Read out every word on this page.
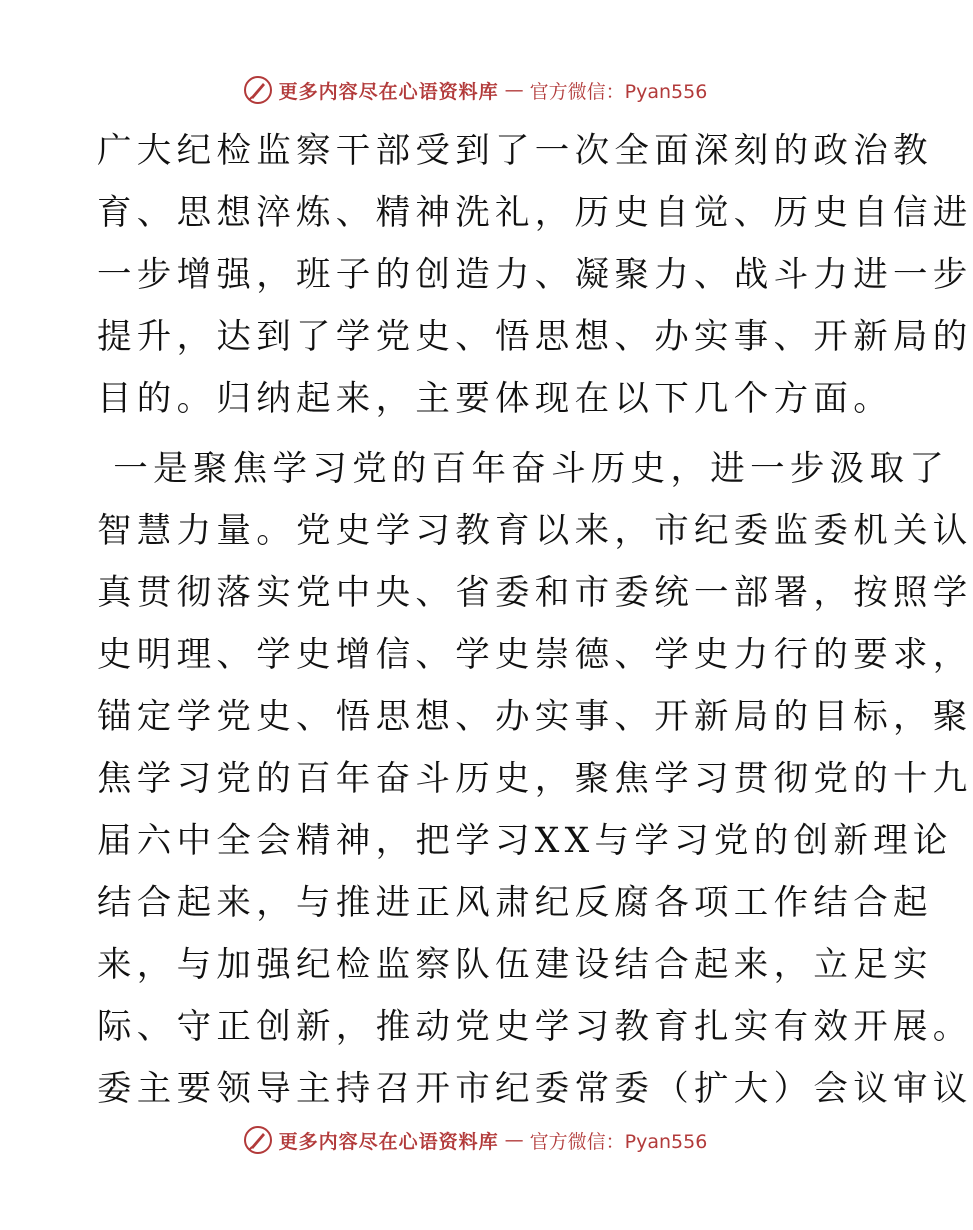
更多内容尽在心语资料库 — 官方微信：Pyan556
广大纪检监察干部受到了一次全面深刻的政治教
育、思想淬炼、精神洗礼，历史自觉、历史自信进
一步增强，班子的创造力、凝聚力、战斗力进一步
提升，达到了学党史、悟思想、办实事、开新局的
目的。归纳起来，主要体现在以下几个方面。
一是聚焦学习党的百年奋斗历史，进一步汲取了
智慧力量。党史学习教育以来，市纪委监委机关认
真贯彻落实党中央、省委和市委统一部署，按照学
史明理、学史增信、学史崇德、学史力行的要求，
锚定学党史、悟思想、办实事、开新局的目标，聚
焦学习党的百年奋斗历史，聚焦学习贯彻党的十九
届六中全会精神，把学习XX与学习党的创新理论
结合起来，与推进正风肃纪反腐各项工作结合起
来，与加强纪检监察队伍建设结合起来，立足实
际、守正创新，推动党史学习教育扎实有效开展。
委主要领导主持召开市纪委常委（扩大）会议审议
更多内容尽在心语资料库 — 官方微信：Pyan556
